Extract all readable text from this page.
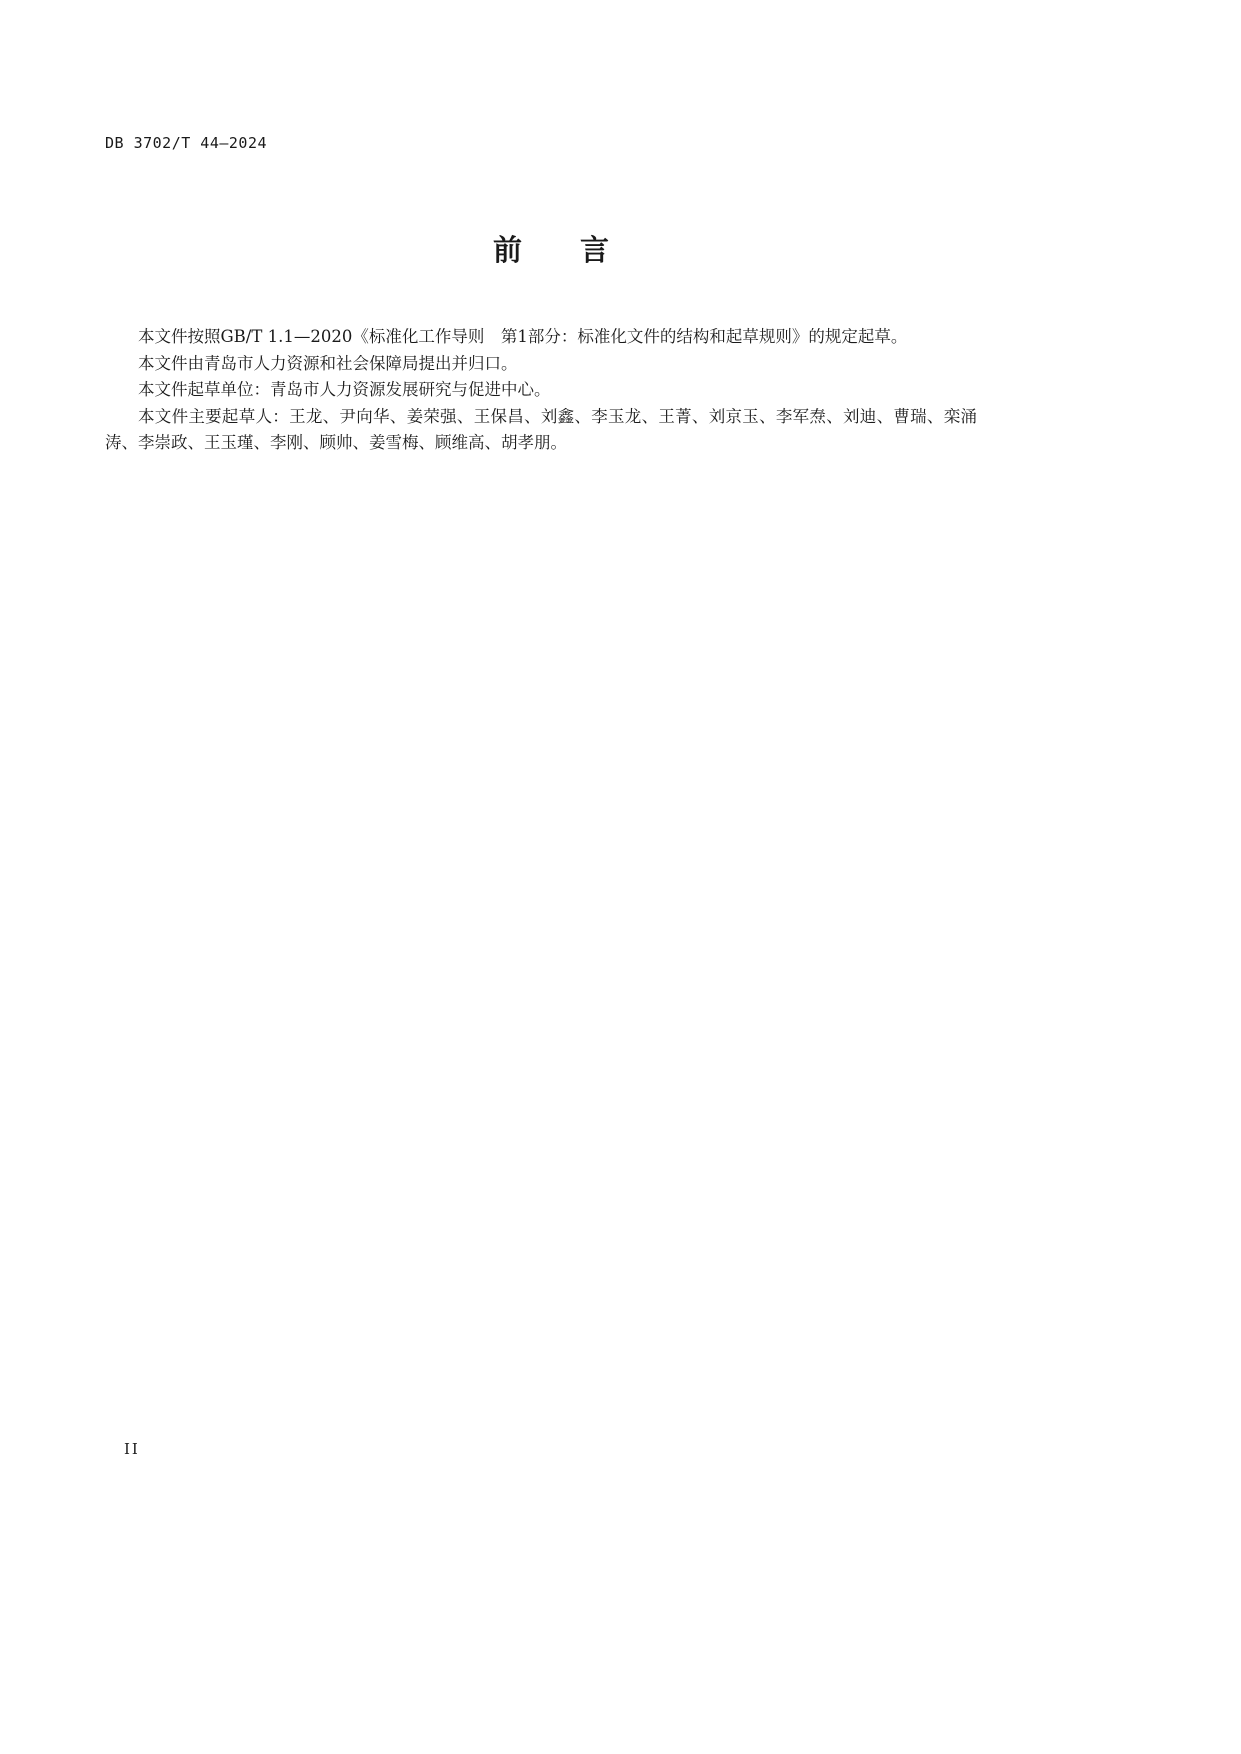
DB 3702/T 44—2024
前言

本文件按照GB/T 1.1—2020《标准化工作导则　第1部分：标准化文件的结构和起草规则》的规定起草。

本文件由青岛市人力资源和社会保障局提出并归口。

本文件起草单位：青岛市人力资源发展研究与促进中心。

本文件主要起草人：王龙、尹向华、姜荣强、王保昌、刘鑫、李玉龙、王菁、刘京玉、李军焘、刘迪、曹瑞、栾涌涛、李崇政、王玉瑾、李刚、顾帅、姜雪梅、顾维高、胡孝朋。

II
